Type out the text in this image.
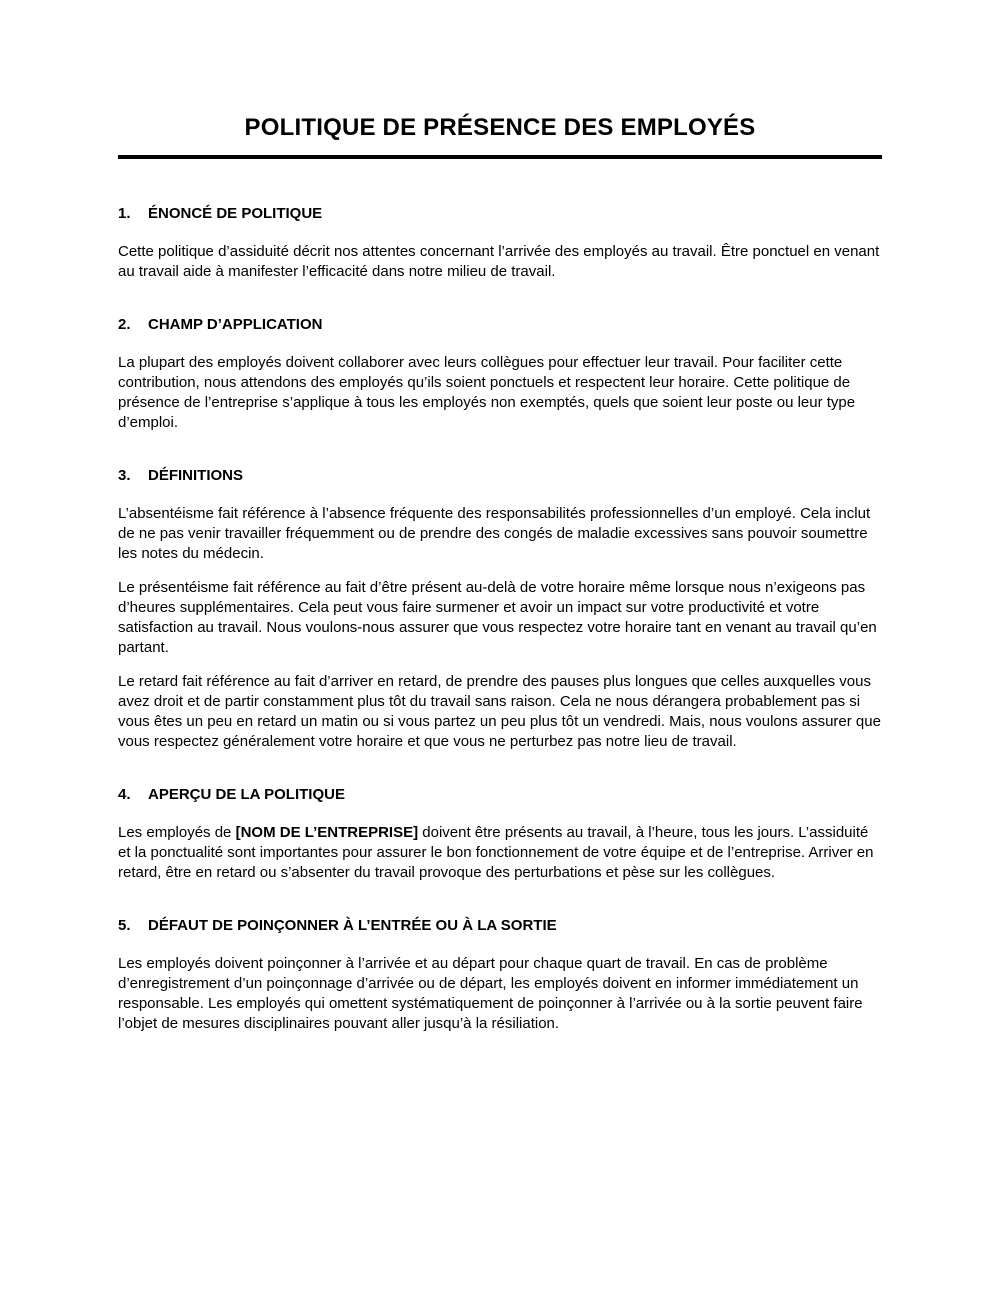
POLITIQUE DE PRÉSENCE DES EMPLOYÉS
1.	ÉNONCÉ DE POLITIQUE

Cette politique d’assiduité décrit nos attentes concernant l’arrivée des employés au travail. Être ponctuel en venant au travail aide à manifester l’efficacité dans notre milieu de travail.

2.	CHAMP D’APPLICATION

La plupart des employés doivent collaborer avec leurs collègues pour effectuer leur travail. Pour faciliter cette contribution, nous attendons des employés qu’ils soient ponctuels et respectent leur horaire. Cette politique de présence de l’entreprise s’applique à tous les employés non exemptés, quels que soient leur poste ou leur type d’emploi.

3.	DÉFINITIONS

L’absentéisme fait référence à l’absence fréquente des responsabilités professionnelles d’un employé. Cela inclut de ne pas venir travailler fréquemment ou de prendre des congés de maladie excessives sans pouvoir soumettre les notes du médecin.

Le présentéisme fait référence au fait d’être présent au-delà de votre horaire même lorsque nous n’exigeons pas d’heures supplémentaires. Cela peut vous faire surmener et avoir un impact sur votre productivité et votre satisfaction au travail. Nous voulons-nous assurer que vous respectez votre horaire tant en venant au travail qu’en partant.

Le retard fait référence au fait d’arriver en retard, de prendre des pauses plus longues que celles auxquelles vous avez droit et de partir constamment plus tôt du travail sans raison. Cela ne nous dérangera probablement pas si vous êtes un peu en retard un matin ou si vous partez un peu plus tôt un vendredi. Mais, nous voulons assurer que vous respectez généralement votre horaire et que vous ne perturbez pas notre lieu de travail.

4.	APERÇU DE LA POLITIQUE

Les employés de [NOM DE L’ENTREPRISE] doivent être présents au travail, à l’heure, tous les jours. L’assiduité et la ponctualité sont importantes pour assurer le bon fonctionnement de votre équipe et de l’entreprise. Arriver en retard, être en retard ou s’absenter du travail provoque des perturbations et pèse sur les collègues.

5.	DÉFAUT DE POINÇONNER À L’ENTRÉE OU À LA SORTIE

Les employés doivent poinçonner à l’arrivée et au départ pour chaque quart de travail. En cas de problème d’enregistrement d’un poinçonnage d’arrivée ou de départ, les employés doivent en informer immédiatement un responsable. Les employés qui omettent systématiquement de poinçonner à l’arrivée ou à la sortie peuvent faire l’objet de mesures disciplinaires pouvant aller jusqu’à la résiliation.
